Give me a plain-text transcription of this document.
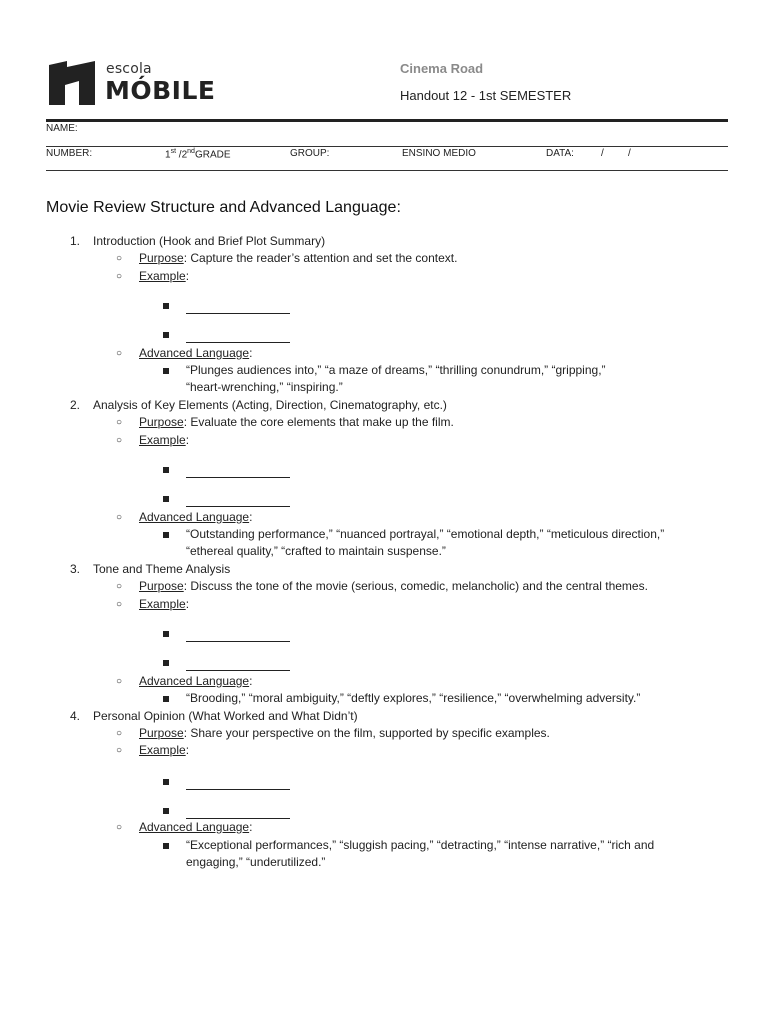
escola
MÓBILE
Cinema Road
Handout 12 - 1st SEMESTER
NAME:
NUMBER:	1st /2ndGRADE	GROUP:	ENSINO MEDIO	DATA:	/ /
Movie Review Structure and Advanced Language:
1. Introduction (Hook and Brief Plot Summary)
○ Purpose: Capture the reader’s attention and set the context.
○ Example:
○ Advanced Language:
“Plunges audiences into,” “a maze of dreams,” “thrilling conundrum,” “gripping,”
“heart-wrenching,” “inspiring.”
2. Analysis of Key Elements (Acting, Direction, Cinematography, etc.)
○ Purpose: Evaluate the core elements that make up the film.
○ Example:
○ Advanced Language:
“Outstanding performance,” “nuanced portrayal,” “emotional depth,” “meticulous direction,”
“ethereal quality,” “crafted to maintain suspense.”
3. Tone and Theme Analysis
○ Purpose: Discuss the tone of the movie (serious, comedic, melancholic) and the central themes.
○ Example:
○ Advanced Language:
“Brooding,” “moral ambiguity,” “deftly explores,” “resilience,” “overwhelming adversity.”
4. Personal Opinion (What Worked and What Didn’t)
○ Purpose: Share your perspective on the film, supported by specific examples.
○ Example:
○ Advanced Language:
“Exceptional performances,” “sluggish pacing,” “detracting,” “intense narrative,” “rich and
engaging,” “underutilized.”
